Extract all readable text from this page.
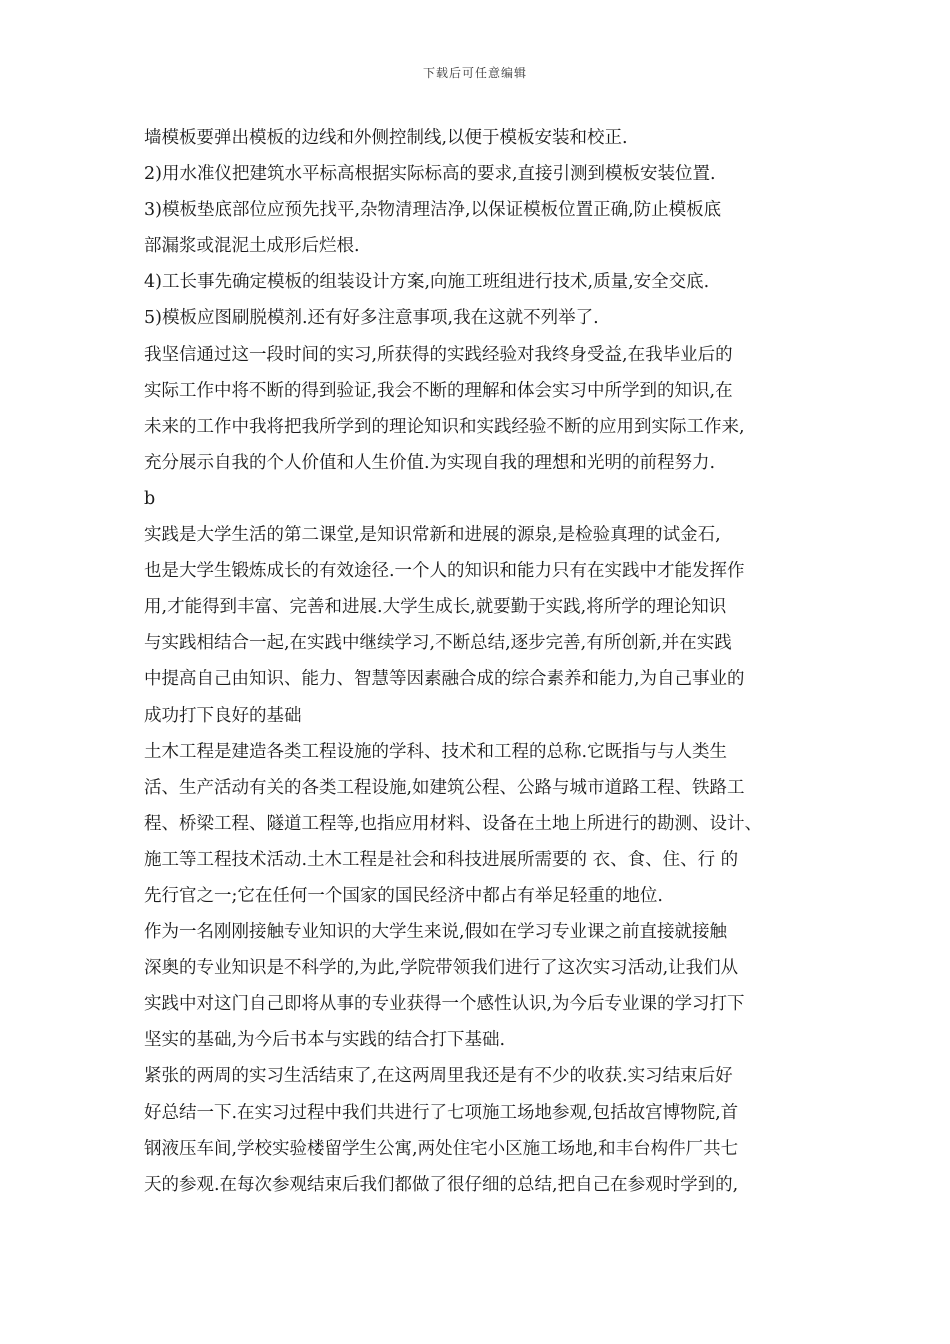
下载后可任意编辑
墙模板要弹出模板的边线和外侧控制线,以便于模板安装和校正.
2)用水准仪把建筑水平标高根据实际标高的要求,直接引测到模板安装位置.
3)模板垫底部位应预先找平,杂物清理洁净,以保证模板位置正确,防止模板底
部漏浆或混泥土成形后烂根.
4)工长事先确定模板的组装设计方案,向施工班组进行技术,质量,安全交底.
5)模板应图刷脱模剂.还有好多注意事项,我在这就不列举了.
我坚信通过这一段时间的实习,所获得的实践经验对我终身受益,在我毕业后的
实际工作中将不断的得到验证,我会不断的理解和体会实习中所学到的知识,在
未来的工作中我将把我所学到的理论知识和实践经验不断的应用到实际工作来,
充分展示自我的个人价值和人生价值.为实现自我的理想和光明的前程努力.
b
实践是大学生活的第二课堂,是知识常新和进展的源泉,是检验真理的试金石,
也是大学生锻炼成长的有效途径.一个人的知识和能力只有在实践中才能发挥作
用,才能得到丰富、完善和进展.大学生成长,就要勤于实践,将所学的理论知识
与实践相结合一起,在实践中继续学习,不断总结,逐步完善,有所创新,并在实践
中提高自己由知识、能力、智慧等因素融合成的综合素养和能力,为自己事业的
成功打下良好的基础
土木工程是建造各类工程设施的学科、技术和工程的总称.它既指与与人类生
活、生产活动有关的各类工程设施,如建筑公程、公路与城市道路工程、铁路工
程、桥梁工程、隧道工程等,也指应用材料、设备在土地上所进行的勘测、设计、
施工等工程技术活动.土木工程是社会和科技进展所需要的 衣、食、住、行 的
先行官之一;它在任何一个国家的国民经济中都占有举足轻重的地位.
作为一名刚刚接触专业知识的大学生来说,假如在学习专业课之前直接就接触
深奥的专业知识是不科学的,为此,学院带领我们进行了这次实习活动,让我们从
实践中对这门自己即将从事的专业获得一个感性认识,为今后专业课的学习打下
坚实的基础,为今后书本与实践的结合打下基础.
紧张的两周的实习生活结束了,在这两周里我还是有不少的收获.实习结束后好
好总结一下.在实习过程中我们共进行了七项施工场地参观,包括故宫博物院,首
钢液压车间,学校实验楼留学生公寓,两处住宅小区施工场地,和丰台构件厂共七
天的参观.在每次参观结束后我们都做了很仔细的总结,把自己在参观时学到的,
